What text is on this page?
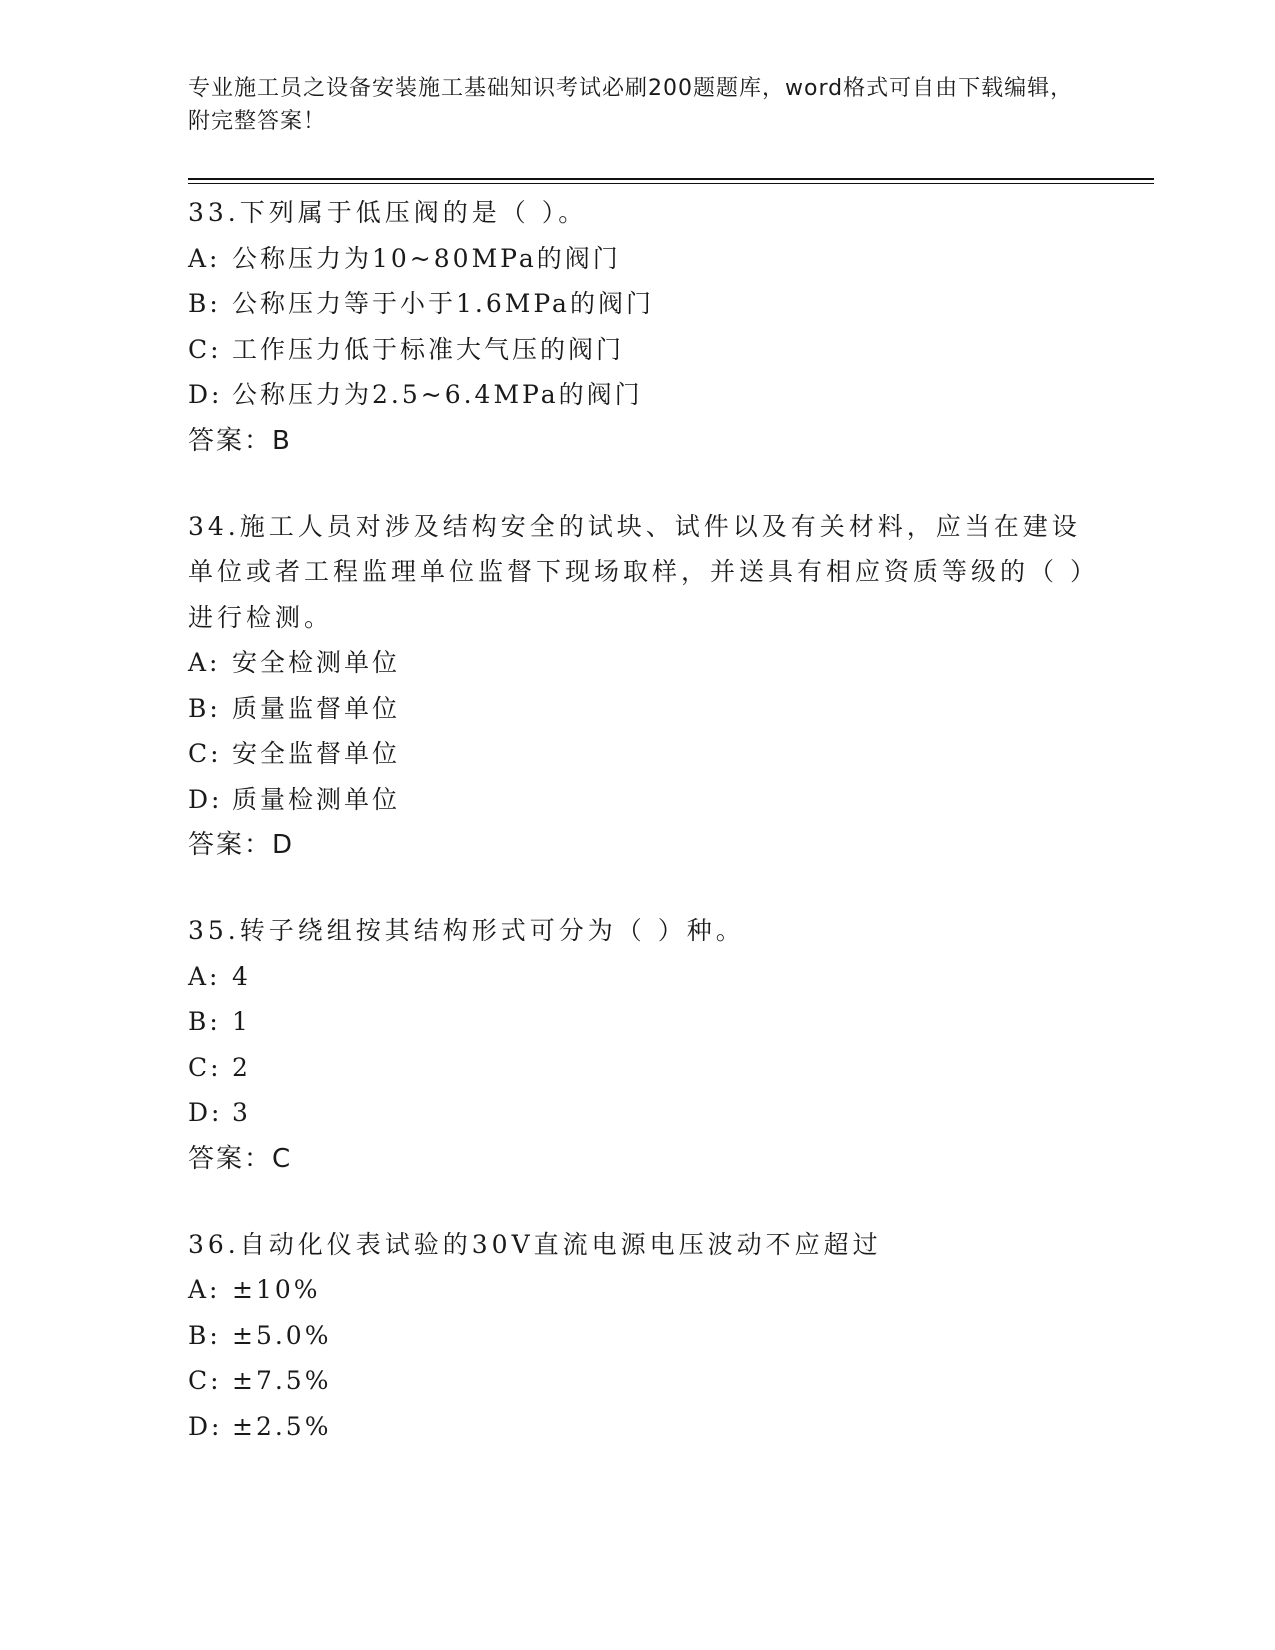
专业施工员之设备安装施工基础知识考试必刷200题题库，word格式可自由下载编辑，附完整答案！

33.下列属于低压阀的是（ ）。

A: 公称压力为10~80MPa的阀门

B: 公称压力等于小于1.6MPa的阀门

C: 工作压力低于标准大气压的阀门

D: 公称压力为2.5~6.4MPa的阀门

答案：B

34.施工人员对涉及结构安全的试块、试件以及有关材料，应当在建设单位或者工程监理单位监督下现场取样，并送具有相应资质等级的（ ）进行检测。

A: 安全检测单位

B: 质量监督单位

C: 安全监督单位

D: 质量检测单位

答案：D

35.转子绕组按其结构形式可分为（ ）种。

A: 4

B: 1

C: 2

D: 3

答案：C

36.自动化仪表试验的30V直流电源电压波动不应超过

A: ±10%

B: ±5.0%

C: ±7.5%

D: ±2.5%
